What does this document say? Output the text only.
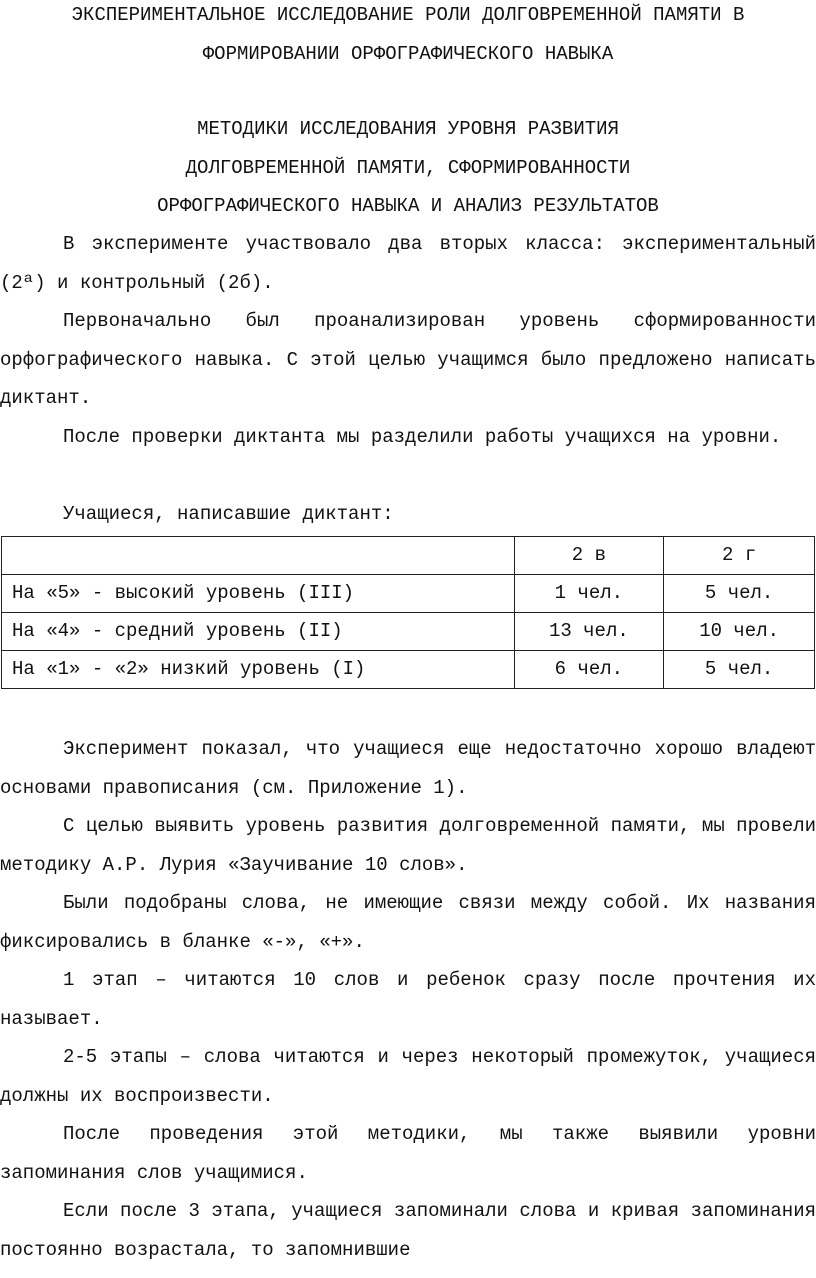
ЭКСПЕРИМЕНТАЛЬНОЕ ИССЛЕДОВАНИЕ РОЛИ ДОЛГОВРЕМЕННОЙ ПАМЯТИ В
ФОРМИРОВАНИИ ОРФОГРАФИЧЕСКОГО НАВЫКА
МЕТОДИКИ ИССЛЕДОВАНИЯ УРОВНЯ РАЗВИТИЯ
ДОЛГОВРЕМЕННОЙ ПАМЯТИ, СФОРМИРОВАННОСТИ
ОРФОГРАФИЧЕСКОГО НАВЫКА И АНАЛИЗ РЕЗУЛЬТАТОВ

В эксперименте участвовало два вторых класса: экспериментальный (2ª) и контрольный (2б).

Первоначально был проанализирован уровень сформированности орфографического навыка. С этой целью учащимся было предложено написать диктант.

После проверки диктанта мы разделили работы учащихся на уровни.

Учащиеся, написавшие диктант:

	2 в	2 г
На «5» - высокий уровень (III)	1 чел.	5 чел.
На «4» - средний уровень (II)	13 чел.	10 чел.
На «1» - «2» низкий уровень (I)	6 чел.	5 чел.

Эксперимент показал, что учащиеся еще недостаточно хорошо владеют основами правописания (см. Приложение 1).

С целью выявить уровень развития долговременной памяти, мы провели методику А.Р. Лурия «Заучивание 10 слов».

Были подобраны слова, не имеющие связи между собой. Их названия фиксировались в бланке «-», «+».

1 этап – читаются 10 слов и ребенок сразу после прочтения их называет.

2-5 этапы – слова читаются и через некоторый промежуток, учащиеся должны их воспроизвести.

После проведения этой методики, мы также выявили уровни запоминания слов учащимися.

Если после 3 этапа, учащиеся запоминали слова и кривая запоминания постоянно возрастала, то запомнившие
